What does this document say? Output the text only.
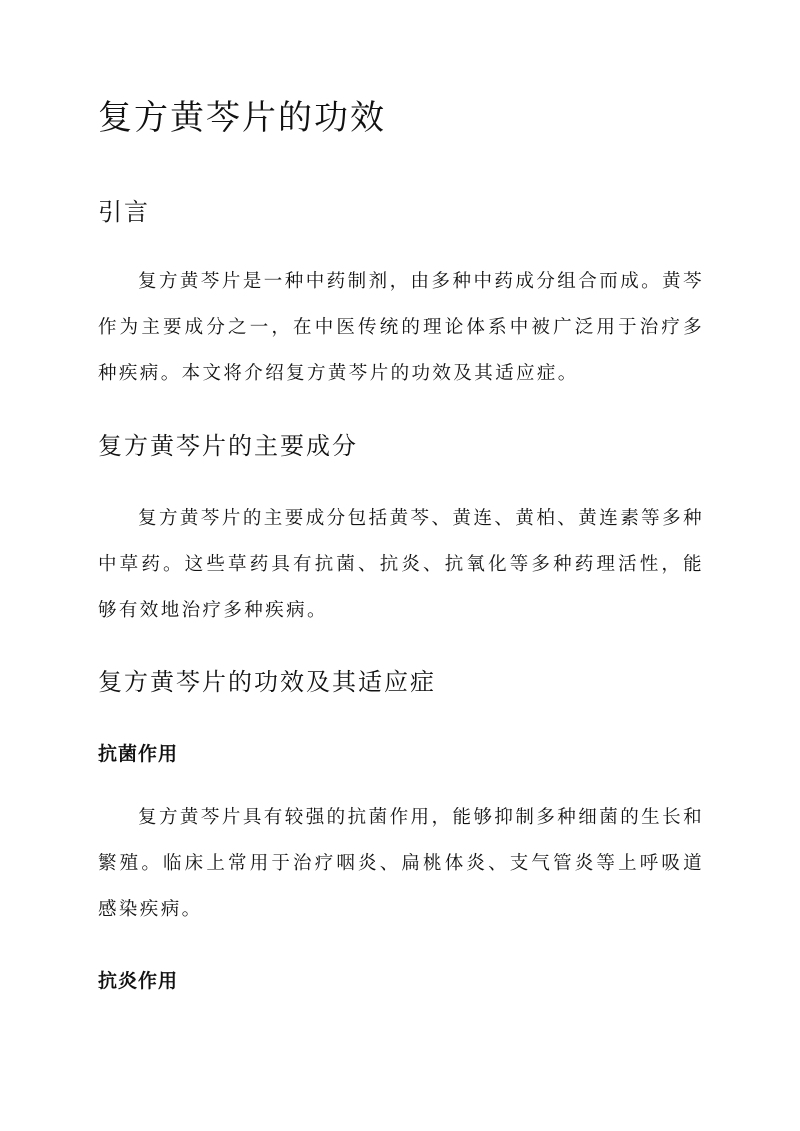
复方黄芩片的功效
引言

复方黄芩片是一种中药制剂，由多种中药成分组合而成。黄芩作为主要成分之一，在中医传统的理论体系中被广泛用于治疗多种疾病。本文将介绍复方黄芩片的功效及其适应症。

复方黄芩片的主要成分

复方黄芩片的主要成分包括黄芩、黄连、黄柏、黄连素等多种中草药。这些草药具有抗菌、抗炎、抗氧化等多种药理活性，能够有效地治疗多种疾病。

复方黄芩片的功效及其适应症
抗菌作用

复方黄芩片具有较强的抗菌作用，能够抑制多种细菌的生长和繁殖。临床上常用于治疗咽炎、扁桃体炎、支气管炎等上呼吸道感染疾病。

抗炎作用
